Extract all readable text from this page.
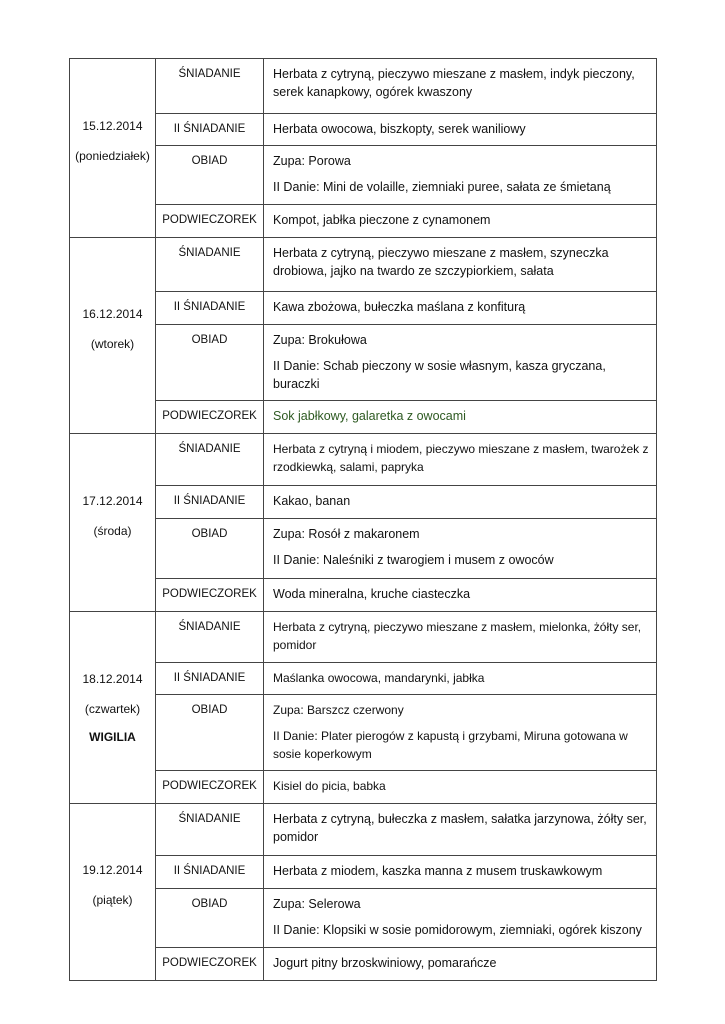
15.12.2014
(poniedziałek)	ŚNIADANIE	Herbata z cytryną, pieczywo mieszane z masłem, indyk pieczony, serek kanapkowy, ogórek kwaszony

	II ŚNIADANIE	Herbata owocowa, biszkopty, serek waniliowy

	OBIAD	Zupa: Porowa

II Danie: Mini de volaille, ziemniaki puree, sałata ze śmietaną

	PODWIECZOREK	Kompot, jabłka pieczone z cynamonem

16.12.2014
(wtorek)	ŚNIADANIE	Herbata z cytryną, pieczywo mieszane z masłem, szyneczka drobiowa, jajko na twardo ze szczypiorkiem, sałata

	II ŚNIADANIE	Kawa zbożowa, bułeczka maślana z konfiturą

	OBIAD	Zupa: Brokułowa

II Danie: Schab pieczony w sosie własnym, kasza gryczana, buraczki

	PODWIECZOREK	Sok jabłkowy, galaretka z owocami

17.12.2014
(środa)	ŚNIADANIE	Herbata z cytryną i miodem, pieczywo mieszane z masłem, twarożek z rzodkiewką, salami, papryka

	II ŚNIADANIE	Kakao, banan

	OBIAD	Zupa: Rosół z makaronem

II Danie: Naleśniki z twarogiem i musem z owoców

	PODWIECZOREK	Woda mineralna, kruche ciasteczka

18.12.2014
(czwartek)
WIGILIA	ŚNIADANIE	Herbata z cytryną, pieczywo mieszane z masłem, mielonka, żółty ser, pomidor

	II ŚNIADANIE	Maślanka owocowa, mandarynki, jabłka

	OBIAD	Zupa: Barszcz czerwony

II Danie: Plater pierogów z kapustą i grzybami, Miruna gotowana w sosie koperkowym

	PODWIECZOREK	Kisiel do picia, babka

19.12.2014
(piątek)	ŚNIADANIE	Herbata z cytryną, bułeczka z masłem, sałatka jarzynowa, żółty ser, pomidor

	II ŚNIADANIE	Herbata z miodem, kaszka manna z musem truskawkowym

	OBIAD	Zupa: Selerowa

II Danie: Klopsiki w sosie pomidorowym, ziemniaki, ogórek kiszony

	PODWIECZOREK	Jogurt pitny brzoskwiniowy, pomarańcze
